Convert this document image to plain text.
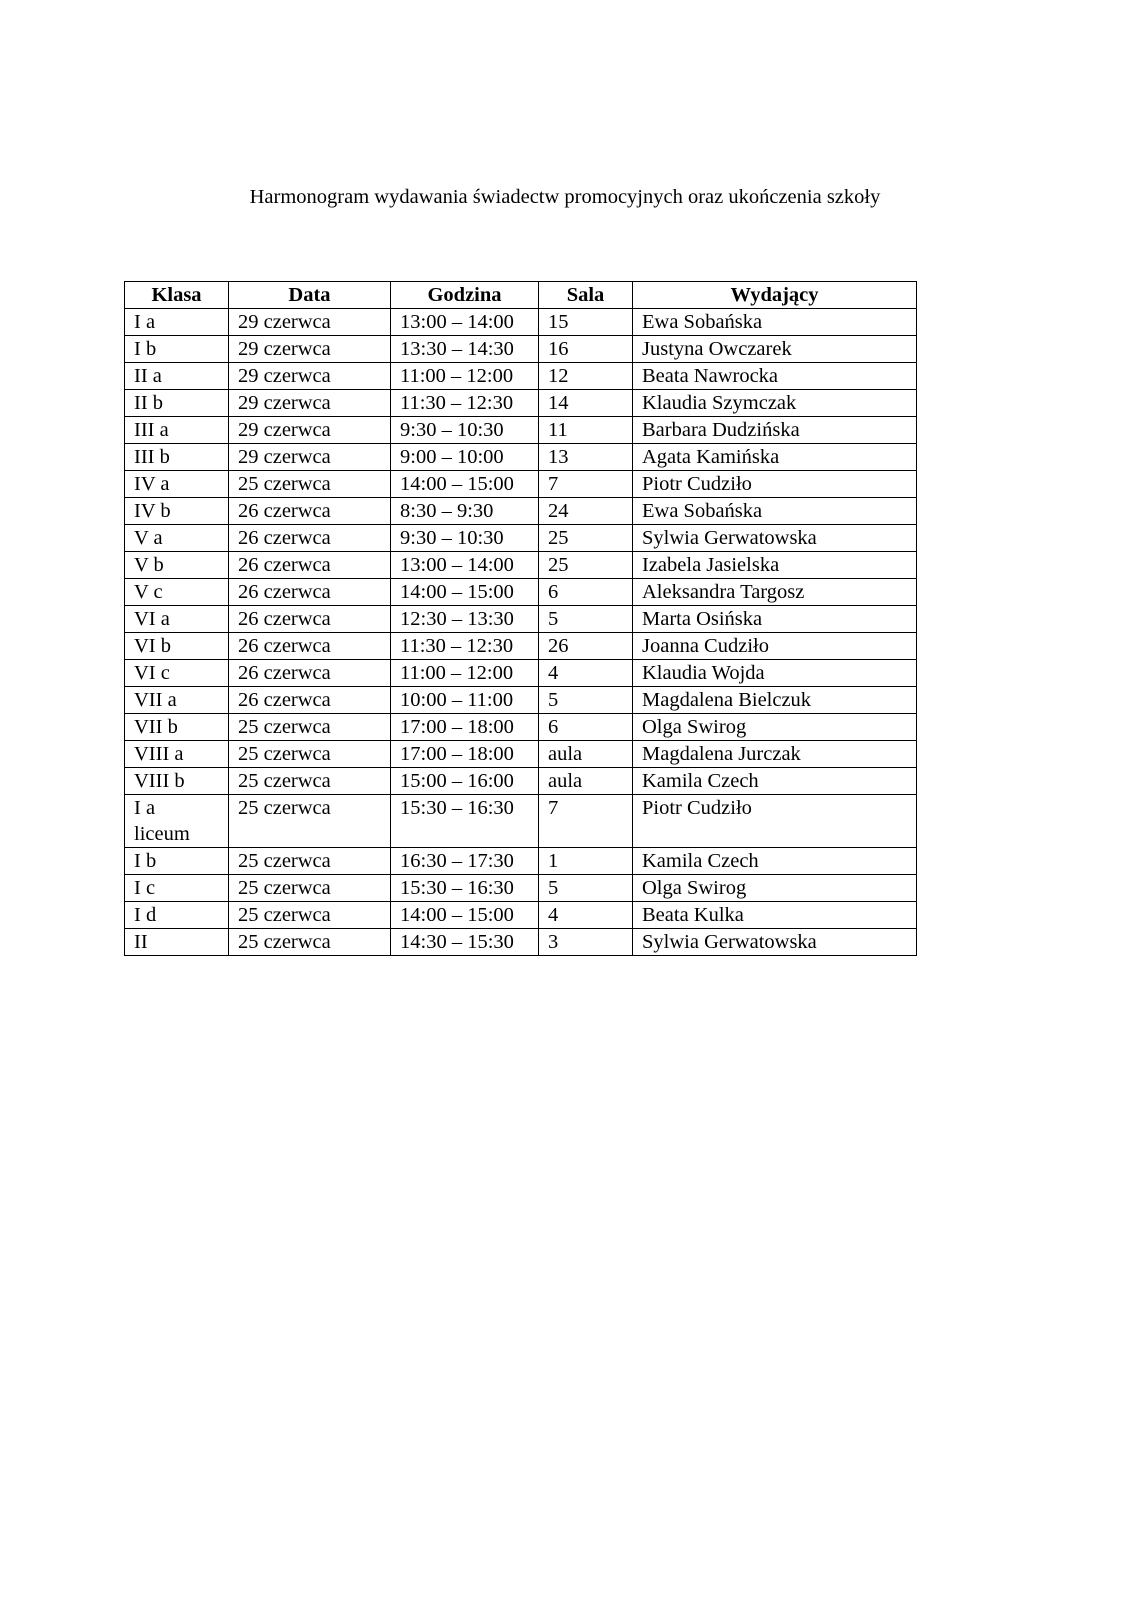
Harmonogram wydawania świadectw promocyjnych oraz ukończenia szkoły
Klasa	Data	Godzina	Sala	Wydający
I a	29 czerwca	13:00 – 14:00	15	Ewa Sobańska
I b	29 czerwca	13:30 – 14:30	16	Justyna Owczarek
II a	29 czerwca	11:00 – 12:00	12	Beata Nawrocka
II b	29 czerwca	11:30 – 12:30	14	Klaudia Szymczak
III a	29 czerwca	9:30 – 10:30	11	Barbara Dudzińska
III b	29 czerwca	9:00 – 10:00	13	Agata Kamińska
IV a	25 czerwca	14:00 – 15:00	7	Piotr Cudziło
IV b	26 czerwca	8:30 – 9:30	24	Ewa Sobańska
V a	26 czerwca	9:30 – 10:30	25	Sylwia Gerwatowska
V b	26 czerwca	13:00 – 14:00	25	Izabela Jasielska
V c	26 czerwca	14:00 – 15:00	6	Aleksandra Targosz
VI a	26 czerwca	12:30 – 13:30	5	Marta Osińska
VI b	26 czerwca	11:30 – 12:30	26	Joanna Cudziło
VI c	26 czerwca	11:00 – 12:00	4	Klaudia Wojda
VII a	26 czerwca	10:00 – 11:00	5	Magdalena Bielczuk
VII b	25 czerwca	17:00 – 18:00	6	Olga Swirog
VIII a	25 czerwca	17:00 – 18:00	aula	Magdalena Jurczak
VIII b	25 czerwca	15:00 – 16:00	aula	Kamila Czech
I a
liceum	25 czerwca	15:30 – 16:30	7	Piotr Cudziło
I b	25 czerwca	16:30 – 17:30	1	Kamila Czech
I c	25 czerwca	15:30 – 16:30	5	Olga Swirog
I d	25 czerwca	14:00 – 15:00	4	Beata Kulka
II	25 czerwca	14:30 – 15:30	3	Sylwia Gerwatowska
